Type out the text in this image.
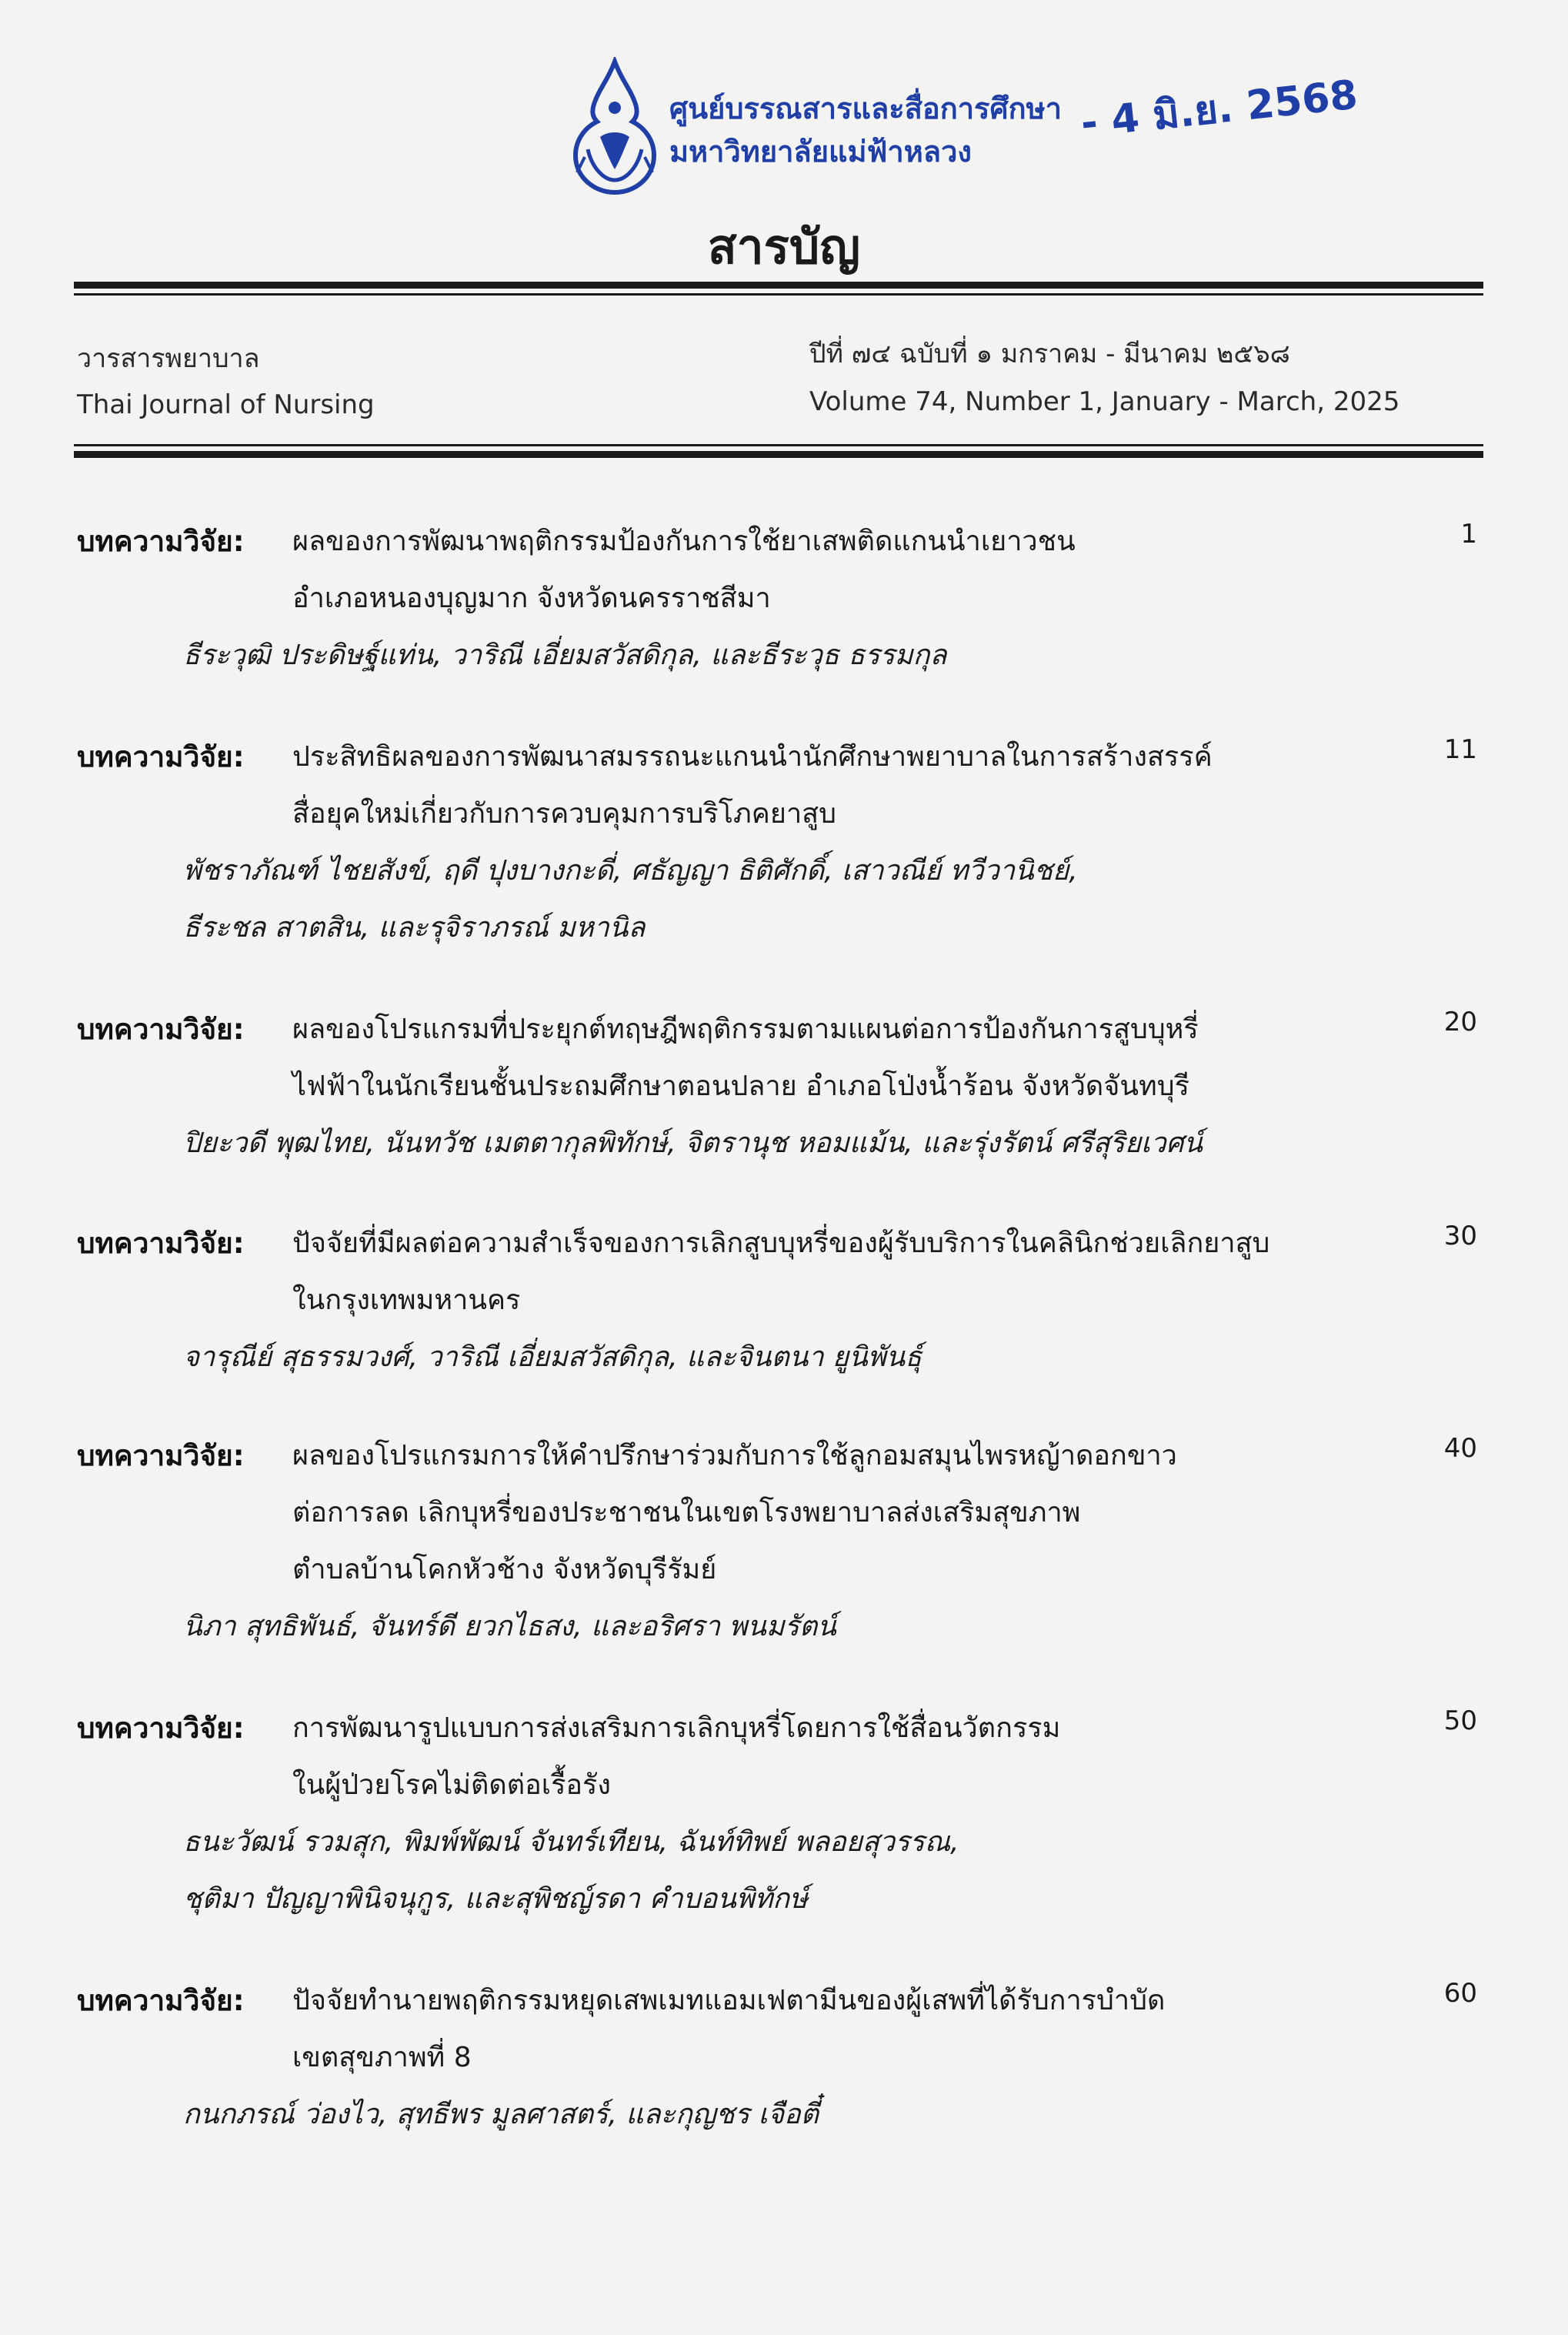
ศูนย์บรรณสารและสื่อการศึกษา
มหาวิทยาลัยแม่ฟ้าหลวง
- 4 มิ.ย. 2568
สารบัญ
วารสารพยาบาล
Thai Journal of Nursing
ปีที่ ๗๔ ฉบับที่ ๑ มกราคม - มีนาคม ๒๕๖๘
Volume 74, Number 1, January - March, 2025
บทความวิจัย: ผลของการพัฒนาพฤติกรรมป้องกันการใช้ยาเสพติดแกนนำเยาวชน
อำเภอหนองบุญมาก จังหวัดนครราชสีมา
ธีระวุฒิ ประดิษฐ์แท่น, วาริณี เอี่ยมสวัสดิกุล, และธีระวุธ ธรรมกุล
1
บทความวิจัย: ประสิทธิผลของการพัฒนาสมรรถนะแกนนำนักศึกษาพยาบาลในการสร้างสรรค์
สื่อยุคใหม่เกี่ยวกับการควบคุมการบริโภคยาสูบ
พัชราภัณฑ์ ไชยสังข์, ฤดี ปุงบางกะดี่, ศธัญญา ธิติศักดิ์, เสาวณีย์ ทวีวานิชย์,
ธีระชล สาตสิน, และรุจิราภรณ์ มหานิล
11
บทความวิจัย: ผลของโปรแกรมที่ประยุกต์ทฤษฎีพฤติกรรมตามแผนต่อการป้องกันการสูบบุหรี่
ไฟฟ้าในนักเรียนชั้นประถมศึกษาตอนปลาย อำเภอโป่งน้ำร้อน จังหวัดจันทบุรี
ปิยะวดี พุฒไทย, นันทวัช เมตตากุลพิทักษ์, จิตรานุช หอมแม้น, และรุ่งรัตน์ ศรีสุริยเวศน์
20
บทความวิจัย: ปัจจัยที่มีผลต่อความสำเร็จของการเลิกสูบบุหรี่ของผู้รับบริการในคลินิกช่วยเลิกยาสูบ
ในกรุงเทพมหานคร
จารุณีย์ สุธรรมวงศ์, วาริณี เอี่ยมสวัสดิกุล, และจินตนา ยูนิพันธุ์
30
บทความวิจัย: ผลของโปรแกรมการให้คำปรึกษาร่วมกับการใช้ลูกอมสมุนไพรหญ้าดอกขาว
ต่อการลด เลิกบุหรี่ของประชาชนในเขตโรงพยาบาลส่งเสริมสุขภาพ
ตำบลบ้านโคกหัวช้าง จังหวัดบุรีรัมย์
นิภา สุทธิพันธ์, จันทร์ดี ยวกไธสง, และอริศรา พนมรัตน์
40
บทความวิจัย: การพัฒนารูปแบบการส่งเสริมการเลิกบุหรี่โดยการใช้สื่อนวัตกรรม
ในผู้ป่วยโรคไม่ติดต่อเรื้อรัง
ธนะวัฒน์ รวมสุก, พิมพ์พัฒน์ จันทร์เทียน, ฉันท์ทิพย์ พลอยสุวรรณ,
ชุติมา ปัญญาพินิจนุกูร, และสุพิชญ์รดา คำบอนพิทักษ์
50
บทความวิจัย: ปัจจัยทำนายพฤติกรรมหยุดเสพเมทแอมเฟตามีนของผู้เสพที่ได้รับการบำบัด
เขตสุขภาพที่ 8
กนกภรณ์ ว่องไว, สุทธีพร มูลศาสตร์, และกุญชร เจือตี๋
60
